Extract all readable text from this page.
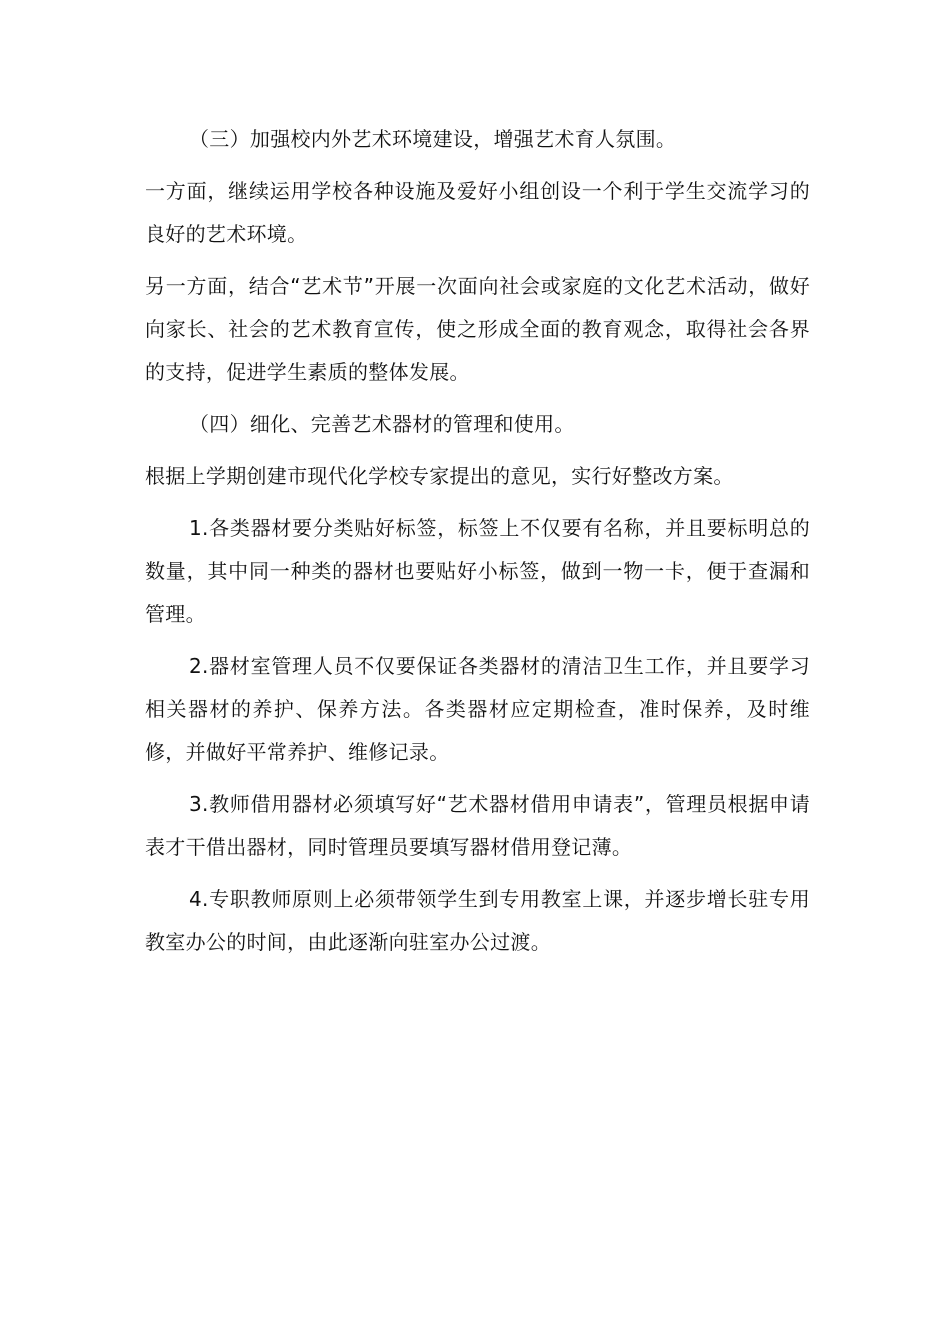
（三）加强校内外艺术环境建设，增强艺术育人氛围。

一方面，继续运用学校各种设施及爱好小组创设一个利于学生交流学习的良好的艺术环境。

另一方面，结合“艺术节”开展一次面向社会或家庭的文化艺术活动，做好向家长、社会的艺术教育宣传，使之形成全面的教育观念，取得社会各界的支持，促进学生素质的整体发展。

（四）细化、完善艺术器材的管理和使用。

根据上学期创建市现代化学校专家提出的意见，实行好整改方案。

1.各类器材要分类贴好标签，标签上不仅要有名称，并且要标明总的数量，其中同一种类的器材也要贴好小标签，做到一物一卡，便于查漏和管理。

2.器材室管理人员不仅要保证各类器材的清洁卫生工作，并且要学习相关器材的养护、保养方法。各类器材应定期检查，准时保养，及时维修，并做好平常养护、维修记录。

3.教师借用器材必须填写好“艺术器材借用申请表”，管理员根据申请表才干借出器材，同时管理员要填写器材借用登记薄。

4.专职教师原则上必须带领学生到专用教室上课，并逐步增长驻专用教室办公的时间，由此逐渐向驻室办公过渡。
